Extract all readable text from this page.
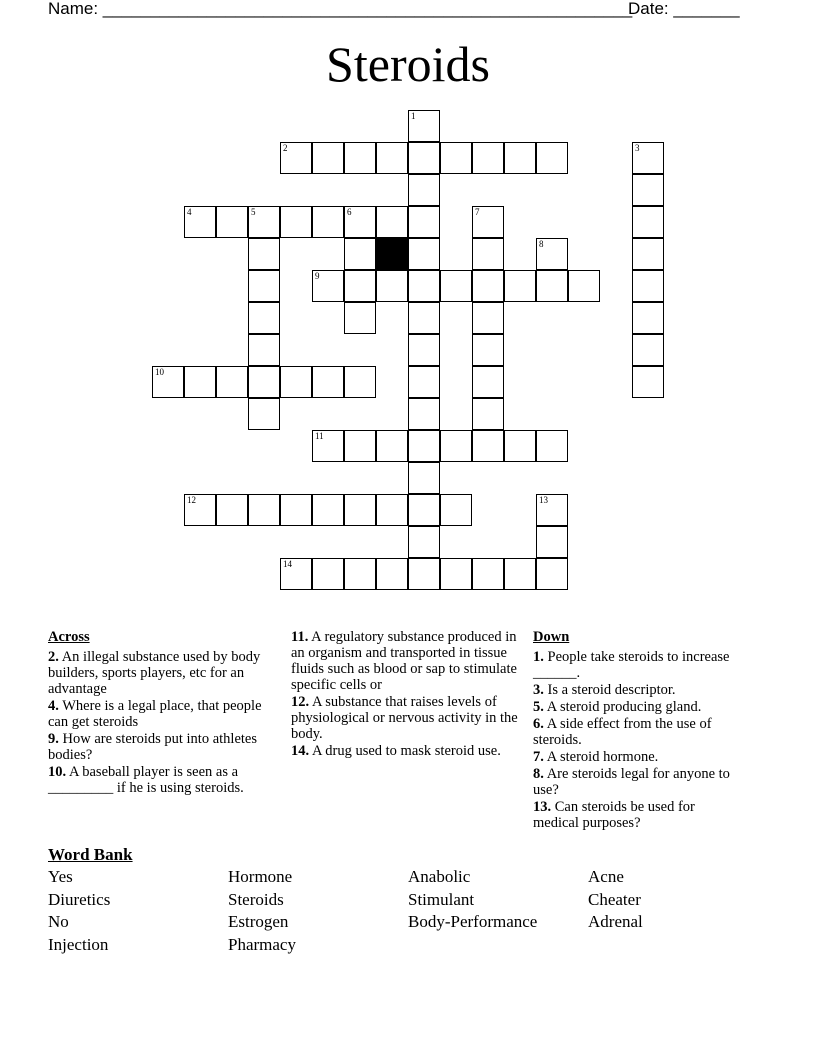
Name: ________________________________________________________
Date: _______
Steroids
1
2	3
4	5	6	7
8
9
10
11
12	13
14
Across
2. An illegal substance used by body builders, sports players, etc for an advantage
4. Where is a legal place, that people can get steroids
9. How are steroids put into athletes bodies?
10. A baseball player is seen as a _________ if he is using steroids.
11. A regulatory substance produced in an organism and transported in tissue fluids such as blood or sap to stimulate specific cells or
12. A substance that raises levels of physiological or nervous activity in the body.
14. A drug used to mask steroid use.
Down
1. People take steroids to increase ______.
3. Is a steroid descriptor.
5. A steroid producing gland.
6. A side effect from the use of steroids.
7. A steroid hormone.
8. Are steroids legal for anyone to use?
13. Can steroids be used for medical purposes?
Word Bank
Yes
Diuretics
No
Injection
Hormone
Steroids
Estrogen
Pharmacy
Anabolic
Stimulant
Body-Performance
Acne
Cheater
Adrenal
